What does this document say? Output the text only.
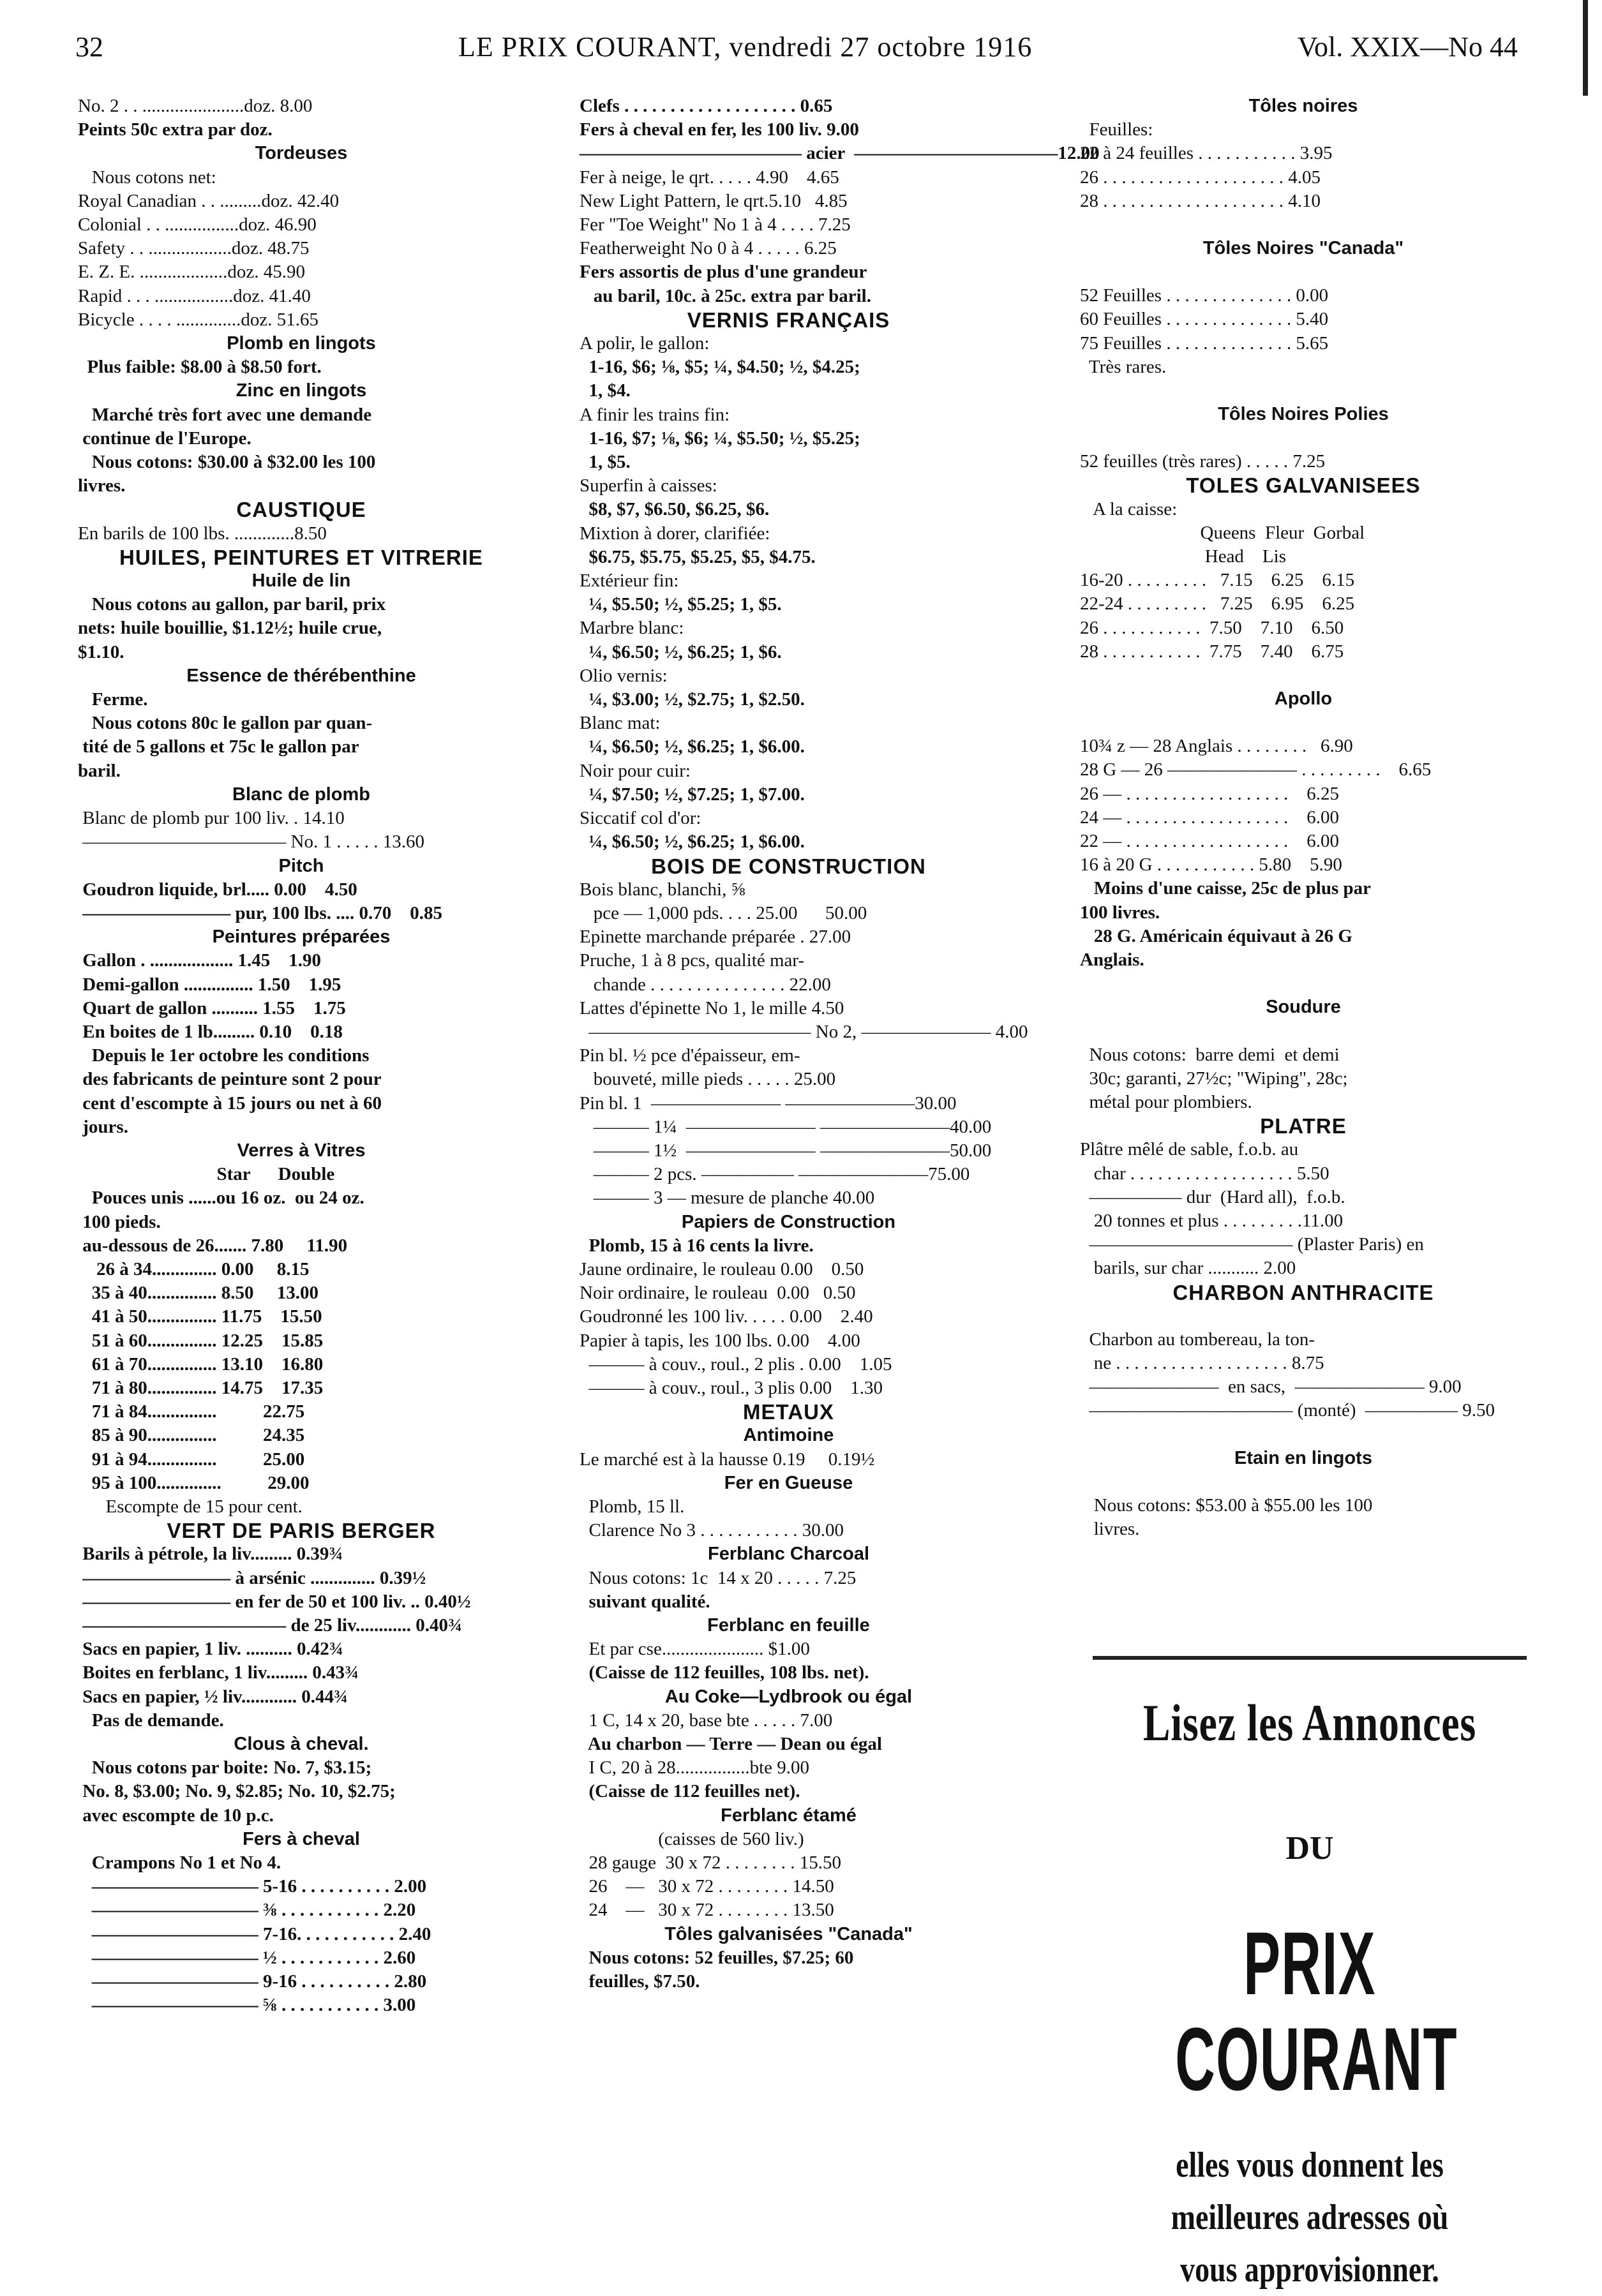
32	LE PRIX COURANT, vendredi 27 octobre 1916	Vol. XXIX—No 44
No. 2 . . ......................doz. 8.00
Peints 50c extra par doz.
Tordeuses
Nous cotons net:
Royal Canadian . . .........doz. 42.40
Colonial . . ................doz. 46.90
Safety . . ..................doz. 48.75
E. Z. E. ...................doz. 45.90
Rapid . . . .................doz. 41.40
Bicycle . . . . ..............doz. 51.65
Plomb en lingots
Plus faible: $8.00 à $8.50 fort.
Zinc en lingots
Marché très fort avec une demande
continue de l'Europe.
Nous cotons: $30.00 à $32.00 les 100
livres.
CAUSTIQUE
En barils de 100 lbs. .............8.50
HUILES, PEINTURES ET VITRERIE
Huile de lin
Nous cotons au gallon, par baril, prix
nets: huile bouillie, $1.12½; huile crue,
$1.10.
Essence de thérébenthine
Ferme.
Nous cotons 80c le gallon par quan-
tité de 5 gallons et 75c le gallon par
baril.
Blanc de plomb
Blanc de plomb pur 100 liv. . 14.10
——————————— No. 1 . . . . . 13.60
Pitch
Goudron liquide, brl..... 0.00    4.50
———————— pur, 100 lbs. .... 0.70    0.85
Peintures préparées
Gallon . .................. 1.45    1.90
Demi-gallon ............... 1.50    1.95
Quart de gallon .......... 1.55    1.75
En boites de 1 lb......... 0.10    0.18
Depuis le 1er octobre les conditions
des fabricants de peinture sont 2 pour
cent d'escompte à 15 jours ou net à 60
jours.
Verres à Vitres
Star      Double
Pouces unis ......ou 16 oz.  ou 24 oz.
100 pieds.
au-dessous de 26....... 7.80     11.90
26 à 34.............. 0.00     8.15
35 à 40............... 8.50     13.00
41 à 50............... 11.75    15.50
51 à 60............... 12.25    15.85
61 à 70............... 13.10    16.80
71 à 80............... 14.75    17.35
71 à 84...............          22.75
85 à 90...............          24.35
91 à 94...............          25.00
95 à 100..............          29.00
Escompte de 15 pour cent.
VERT DE PARIS BERGER
Barils à pétrole, la liv......... 0.39¾
———————— à arsénic .............. 0.39½
———————— en fer de 50 et 100 liv. .. 0.40½
——————————— de 25 liv............ 0.40¾
Sacs en papier, 1 liv. .......... 0.42¾
Boites en ferblanc, 1 liv......... 0.43¾
Sacs en papier, ½ liv............ 0.44¾
Pas de demande.
Clous à cheval.
Nous cotons par boite: No. 7, $3.15;
No. 8, $3.00; No. 9, $2.85; No. 10, $2.75;
avec escompte de 10 p.c.
Fers à cheval
Crampons No 1 et No 4.
————————— 5-16 . . . . . . . . . . 2.00
————————— ⅜ . . . . . . . . . . . 2.20
————————— 7-16. . . . . . . . . . . 2.40
————————— ½ . . . . . . . . . . . 2.60
————————— 9-16 . . . . . . . . . . 2.80
————————— ⅝ . . . . . . . . . . . 3.00
Clefs . . . . . . . . . . . . . . . . . . . 0.65
Fers à cheval en fer, les 100 liv. 9.00
———————————— acier  ———————————12.00
Fer à neige, le qrt. . . . . 4.90    4.65
New Light Pattern, le qrt.5.10   4.85
Fer "Toe Weight" No 1 à 4 . . . . 7.25
Featherweight No 0 à 4 . . . . . 6.25
Fers assortis de plus d'une grandeur
au baril, 10c. à 25c. extra par baril.
VERNIS FRANÇAIS
A polir, le gallon:
1-16, $6; ⅛, $5; ¼, $4.50; ½, $4.25;
1, $4.
A finir les trains fin:
1-16, $7; ⅛, $6; ¼, $5.50; ½, $5.25;
1, $5.
Superfin à caisses:
$8, $7, $6.50, $6.25, $6.
Mixtion à dorer, clarifiée:
$6.75, $5.75, $5.25, $5, $4.75.
Extérieur fin:
¼, $5.50; ½, $5.25; 1, $5.
Marbre blanc:
¼, $6.50; ½, $6.25; 1, $6.
Olio vernis:
¼, $3.00; ½, $2.75; 1, $2.50.
Blanc mat:
¼, $6.50; ½, $6.25; 1, $6.00.
Noir pour cuir:
¼, $7.50; ½, $7.25; 1, $7.00.
Siccatif col d'or:
¼, $6.50; ½, $6.25; 1, $6.00.
BOIS DE CONSTRUCTION
Bois blanc, blanchi, ⅝
pce — 1,000 pds. . . . 25.00      50.00
Epinette marchande préparée . 27.00
Pruche, 1 à 8 pcs, qualité mar-
chande . . . . . . . . . . . . . . . 22.00
Lattes d'épinette No 1, le mille 4.50
———————————— No 2, ——————— 4.00
Pin bl. ½ pce d'épaisseur, em-
bouveté, mille pieds . . . . . 25.00
Pin bl. 1  ——————— ———————30.00
——— 1¼  ——————— ———————40.00
——— 1½  ——————— ———————50.00
——— 2 pcs. ————— ———————75.00
——— 3 — mesure de planche 40.00
Papiers de Construction
Plomb, 15 à 16 cents la livre.
Jaune ordinaire, le rouleau 0.00    0.50
Noir ordinaire, le rouleau  0.00   0.50
Goudronné les 100 liv. . . . . 0.00    2.40
Papier à tapis, les 100 lbs. 0.00    4.00
——— à couv., roul., 2 plis . 0.00    1.05
——— à couv., roul., 3 plis 0.00    1.30
METAUX
Antimoine
Le marché est à la hausse 0.19     0.19½
Fer en Gueuse
Plomb, 15 ll.
Clarence No 3 . . . . . . . . . . . 30.00
Ferblanc Charcoal
Nous cotons: 1c  14 x 20 . . . . . 7.25
suivant qualité.
Ferblanc en feuille
Et par cse...................... $1.00
(Caisse de 112 feuilles, 108 lbs. net).
Au Coke—Lydbrook ou égal
1 C, 14 x 20, base bte . . . . . 7.00
Au charbon — Terre — Dean ou égal
I C, 20 à 28................bte 9.00
(Caisse de 112 feuilles net).
Ferblanc étamé
(caisses de 560 liv.)
28 gauge  30 x 72 . . . . . . . . 15.50
26    —   30 x 72 . . . . . . . . 14.50
24    —   30 x 72 . . . . . . . . 13.50
Tôles galvanisées "Canada"
Nous cotons: 52 feuilles, $7.25; 60
feuilles, $7.50.
Tôles noires
Feuilles:
22 à 24 feuilles . . . . . . . . . . . 3.95
26 . . . . . . . . . . . . . . . . . . . . 4.05
28 . . . . . . . . . . . . . . . . . . . . 4.10
Tôles Noires "Canada"
52 Feuilles . . . . . . . . . . . . . . 0.00
60 Feuilles . . . . . . . . . . . . . . 5.40
75 Feuilles . . . . . . . . . . . . . . 5.65
Très rares.
Tôles Noires Polies
52 feuilles (très rares) . . . . . 7.25
TOLES GALVANISEES
A la caisse:
Queens  Fleur  Gorbal
Head    Lis
16-20 . . . . . . . . .   7.15    6.25    6.15
22-24 . . . . . . . . .   7.25    6.95    6.25
26 . . . . . . . . . . .  7.50    7.10    6.50
28 . . . . . . . . . . .  7.75    7.40    6.75
Apollo
10¾ z — 28 Anglais . . . . . . . .   6.90
28 G — 26 ——————— . . . . . . . . .    6.65
26 — . . . . . . . . . . . . . . . . . .    6.25
24 — . . . . . . . . . . . . . . . . . .    6.00
22 — . . . . . . . . . . . . . . . . . .    6.00
16 à 20 G . . . . . . . . . . . 5.80    5.90
Moins d'une caisse, 25c de plus par
100 livres.
28 G. Américain équivaut à 26 G
Anglais.
Soudure
Nous cotons:  barre demi  et demi
30c; garanti, 27½c; "Wiping", 28c;
métal pour plombiers.
PLATRE
Plâtre mêlé de sable, f.o.b. au
char . . . . . . . . . . . . . . . . . . 5.50
————— dur  (Hard all),  f.o.b.
20 tonnes et plus . . . . . . . . .11.00
——————————— (Plaster Paris) en
barils, sur char ........... 2.00
CHARBON ANTHRACITE
Charbon au tombereau, la ton-
ne . . . . . . . . . . . . . . . . . . . 8.75
———————  en sacs,  ——————— 9.00
——————————— (monté)  ————— 9.50
Etain en lingots
Nous cotons: $53.00 à $55.00 les 100
livres.
Lisez les Annonces
DU
PRIX COURANT
elles vous donnent les
meilleures adresses où
vous approvisionner.
